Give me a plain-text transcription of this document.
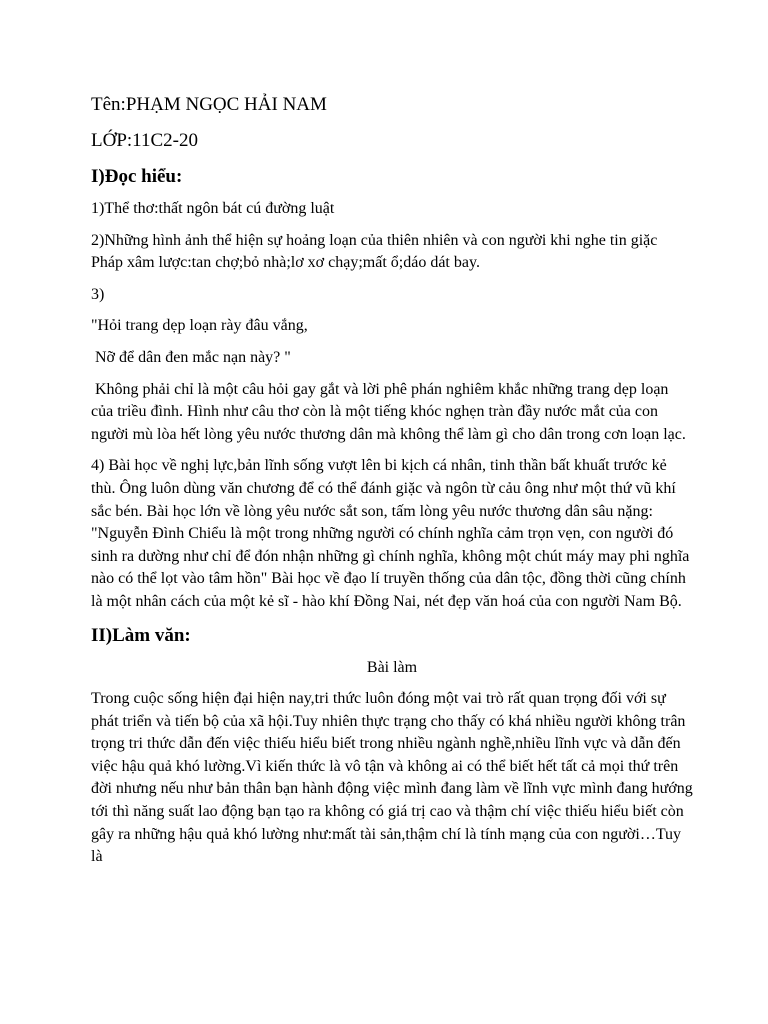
Tên:PHẠM NGỌC HẢI NAM
LỚP:11C2-20
I)Đọc hiểu:

1)Thể thơ:thất ngôn bát cú đường luật

2)Những hình ảnh thể hiện sự hoảng loạn của thiên nhiên và con người khi nghe tin giặc Pháp xâm lược:tan chợ;bỏ nhà;lơ xơ chạy;mất ổ;dáo dát bay.

3)

"Hỏi trang dẹp loạn rày đâu vắng,

Nỡ để dân đen mắc nạn này? "

Không phải chỉ là một câu hỏi gay gắt và lời phê phán nghiêm khắc những trang dẹp loạn của triều đình. Hình như câu thơ còn là một tiếng khóc nghẹn tràn đầy nước mắt của con người mù lòa hết lòng yêu nước thương dân mà không thể làm gì cho dân trong cơn loạn lạc.

4) Bài học về nghị lực,bản lĩnh sống vượt lên bi kịch cá nhân, tinh thần bất khuất trước kẻ thù. Ông luôn dùng văn chương để có thể đánh giặc và ngôn từ cảu ông như một thứ vũ khí sắc bén. Bài học lớn về lòng yêu nước sắt son, tấm lòng yêu nước thương dân sâu nặng: "Nguyễn Đình Chiểu là một trong những người có chính nghĩa cảm trọn vẹn, con người đó sinh ra dường như chỉ để đón nhận những gì chính nghĩa, không một chút máy may phi nghĩa nào có thể lọt vào tâm hồn" Bài học về đạo lí truyền thống của dân tộc, đồng thời cũng chính là một nhân cách của một kẻ sĩ - hào khí Đồng Nai, nét đẹp văn hoá của con người Nam Bộ.

II)Làm văn:

Bài làm

Trong cuộc sống hiện đại hiện nay,tri thức luôn đóng một vai trò rất quan trọng đối với sự phát triển và tiến bộ của xã hội.Tuy nhiên thực trạng cho thấy có khá nhiều người không trân trọng tri thức dẫn đến việc thiếu hiểu biết trong nhiều ngành nghề,nhiều lĩnh vực và dẫn đến việc hậu quả khó lường.Vì kiến thức là vô tận và không ai có thể biết hết tất cả mọi thứ trên đời nhưng nếu như bản thân bạn hành động việc mình đang làm về lĩnh vực mình đang hướng tới thì năng suất lao động bạn tạo ra không có giá trị cao và thậm chí việc thiếu hiểu biết còn gây ra những hậu quả khó lường như:mất tài sản,thậm chí là tính mạng của con người…Tuy là
